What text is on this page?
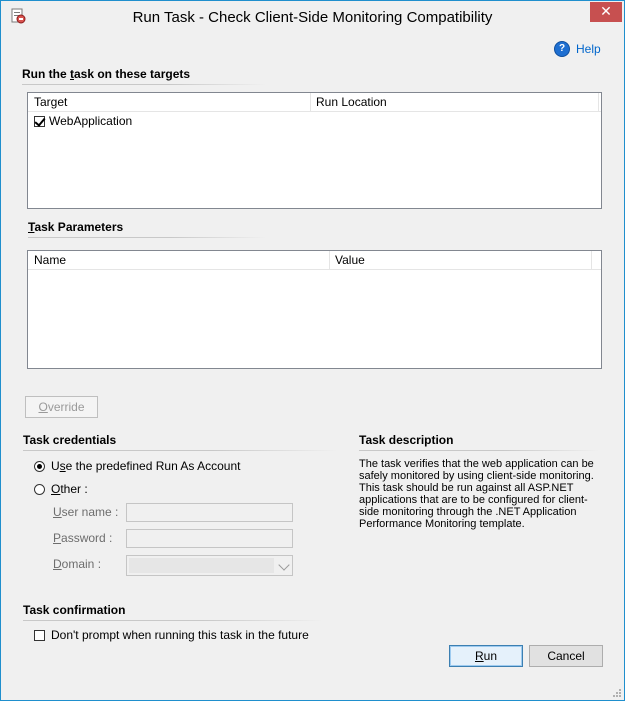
Run Task - Check Client-Side Monitoring Compatibility	✕
? Help
Run the task on these targets
Target	Run Location
WebApplication
Task Parameters
Name	Value
Override
Task credentials
Use the predefined Run As Account
Other :
User name :
Password :
Domain :
Task description
The task verifies that the web application can be safely monitored by using client-side monitoring. This task should be run against all ASP.NET applications that are to be configured for client-side monitoring through the .NET Application Performance Monitoring template.
Task confirmation
Don't prompt when running this task in the future
Run	Cancel
